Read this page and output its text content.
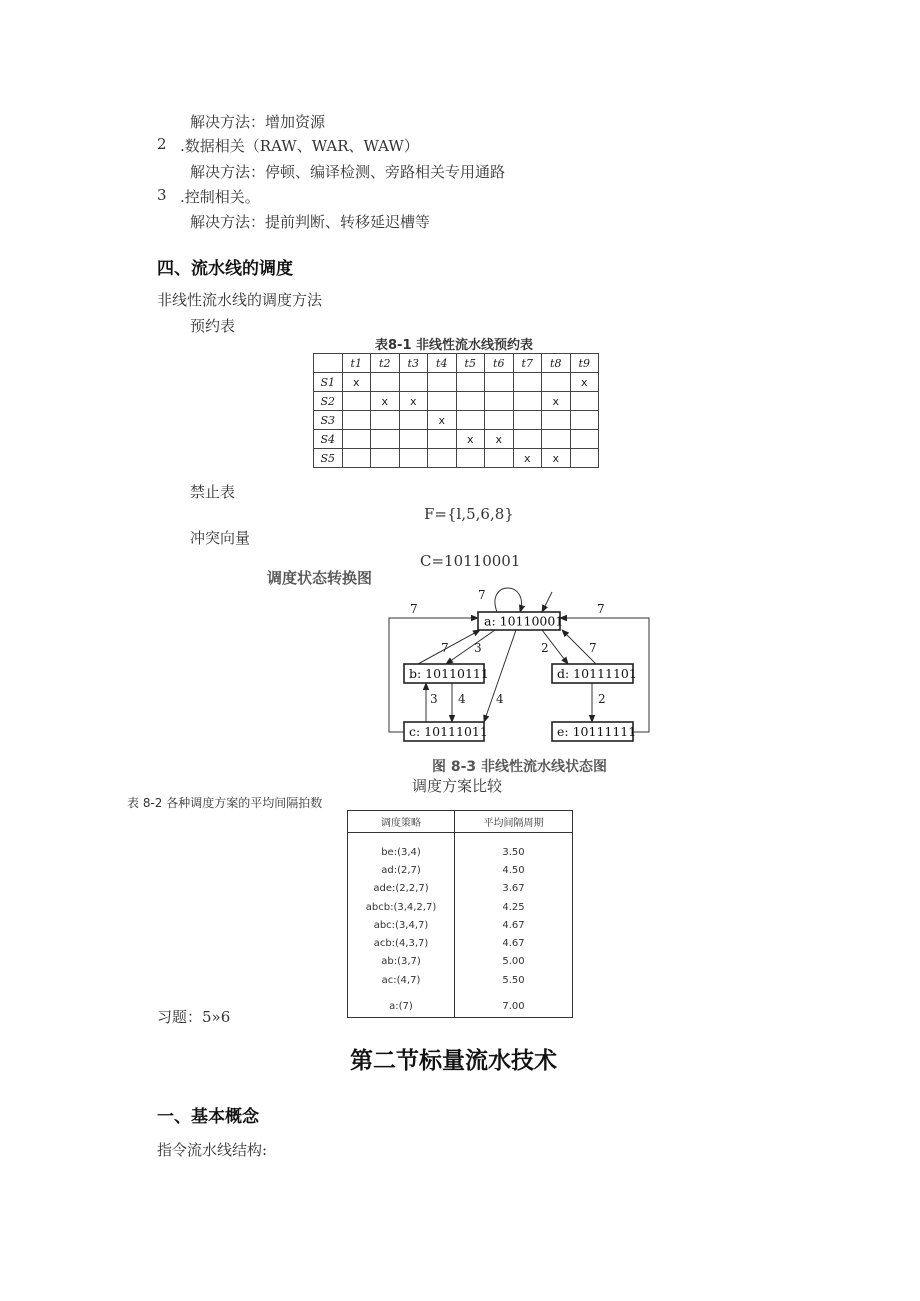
解决方法：增加资源
2 .数据相关（RAW、WAR、WAW）
解决方法：停顿、编译检测、旁路相关专用通路
3 .控制相关。
解决方法：提前判断、转移延迟槽等
四、流水线的调度
非线性流水线的调度方法
预约表
表8-1 非线性流水线预约表
	t1	t2	t3	t4	t5	t6	t7	t8	t9
S1	x								x
S2		x	x					x	
S3				x					
S4					x	x			
S5							x	x	
禁止表
F={l,5,6,8}
冲突向量
C=10110001
调度状态转换图
a: 10110001
b: 10110111	d: 10111101
c: 10111011	e: 10111111
7
7	7
7 3	2	7
4
3 4	2
图 8-3 非线性流水线状态图
调度方案比较
表 8-2 各种调度方案的平均间隔拍数
调度策略	平均间隔周期
be:(3,4)	3.50
ad:(2,7)	4.50
ade:(2,2,7)	3.67
abcb:(3,4,2,7)	4.25
abc:(3,4,7)	4.67
acb:(4,3,7)	4.67
ab:(3,7)	5.00
ac:(4,7)	5.50
a:(7)	7.00
习题：5»6
第二节标量流水技术
一、基本概念
指令流水线结构:
